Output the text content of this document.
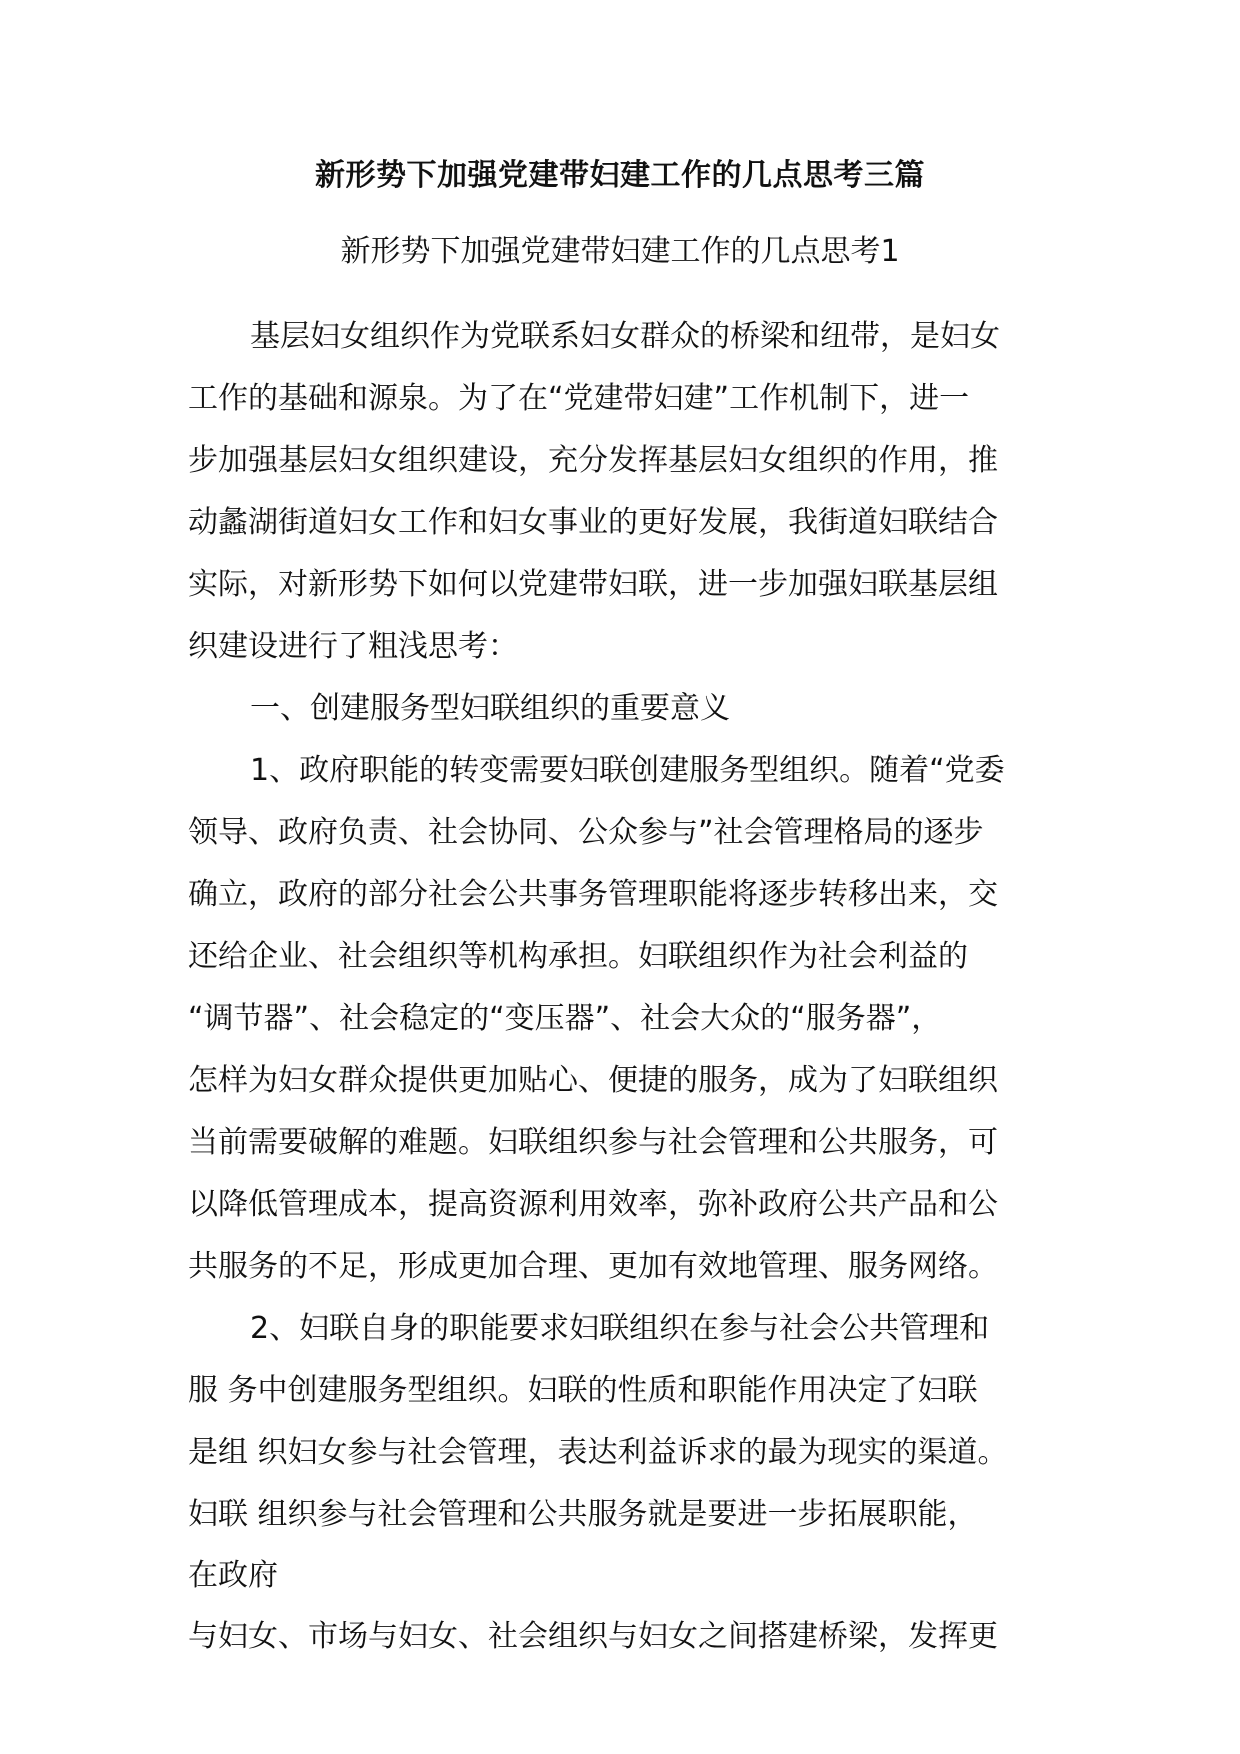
新形势下加强党建带妇建工作的几点思考三篇
新形势下加强党建带妇建工作的几点思考1

基层妇女组织作为党联系妇女群众的桥梁和纽带，是妇女

工作的基础和源泉。为了在“党建带妇建”工作机制下，进一

步加强基层妇女组织建设，充分发挥基层妇女组织的作用，推

动蠡湖街道妇女工作和妇女事业的更好发展，我街道妇联结合

实际，对新形势下如何以党建带妇联，进一步加强妇联基层组

织建设进行了粗浅思考：

一、创建服务型妇联组织的重要意义

1、政府职能的转变需要妇联创建服务型组织。随着“党委

领导、政府负责、社会协同、公众参与”社会管理格局的逐步

确立，政府的部分社会公共事务管理职能将逐步转移出来，交

还给企业、社会组织等机构承担。妇联组织作为社会利益的

“调节器”、社会稳定的“变压器”、社会大众的“服务器”，

怎样为妇女群众提供更加贴心、便捷的服务，成为了妇联组织

当前需要破解的难题。妇联组织参与社会管理和公共服务，可

以降低管理成本，提高资源利用效率，弥补政府公共产品和公

共服务的不足，形成更加合理、更加有效地管理、服务网络。

2、妇联自身的职能要求妇联组织在参与社会公共管理和

服 务中创建服务型组织。妇联的性质和职能作用决定了妇联

是组 织妇女参与社会管理，表达利益诉求的最为现实的渠道。

妇联 组织参与社会管理和公共服务就是要进一步拓展职能，

在政府

与妇女、市场与妇女、社会组织与妇女之间搭建桥梁，发挥更
